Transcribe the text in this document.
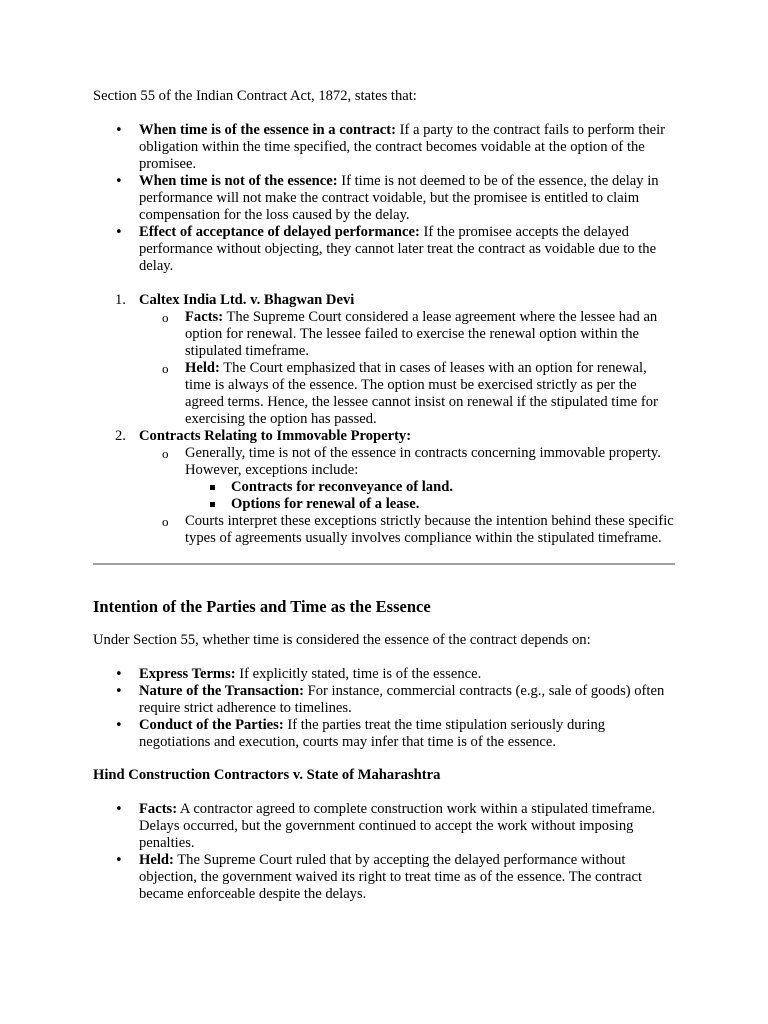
Section 55 of the Indian Contract Act, 1872, states that:

• When time is of the essence in a contract: If a party to the contract fails to perform their obligation within the time specified, the contract becomes voidable at the option of the promisee.
• When time is not of the essence: If time is not deemed to be of the essence, the delay in performance will not make the contract voidable, but the promisee is entitled to claim compensation for the loss caused by the delay.
• Effect of acceptance of delayed performance: If the promisee accepts the delayed performance without objecting, they cannot later treat the contract as voidable due to the delay.
1. Caltex India Ltd. v. Bhagwan Devi
o Facts: The Supreme Court considered a lease agreement where the lessee had an option for renewal. The lessee failed to exercise the renewal option within the stipulated timeframe.
o Held: The Court emphasized that in cases of leases with an option for renewal, time is always of the essence. The option must be exercised strictly as per the agreed terms. Hence, the lessee cannot insist on renewal if the stipulated time for exercising the option has passed.
2. Contracts Relating to Immovable Property:
o Generally, time is not of the essence in contracts concerning immovable property. However, exceptions include:
Contracts for reconveyance of land.
Options for renewal of a lease.
o Courts interpret these exceptions strictly because the intention behind these specific types of agreements usually involves compliance within the stipulated timeframe.
Intention of the Parties and Time as the Essence

Under Section 55, whether time is considered the essence of the contract depends on:

• Express Terms: If explicitly stated, time is of the essence.
• Nature of the Transaction: For instance, commercial contracts (e.g., sale of goods) often require strict adherence to timelines.
• Conduct of the Parties: If the parties treat the time stipulation seriously during negotiations and execution, courts may infer that time is of the essence.
Hind Construction Contractors v. State of Maharashtra
• Facts: A contractor agreed to complete construction work within a stipulated timeframe. Delays occurred, but the government continued to accept the work without imposing penalties.
• Held: The Supreme Court ruled that by accepting the delayed performance without objection, the government waived its right to treat time as of the essence. The contract became enforceable despite the delays.
